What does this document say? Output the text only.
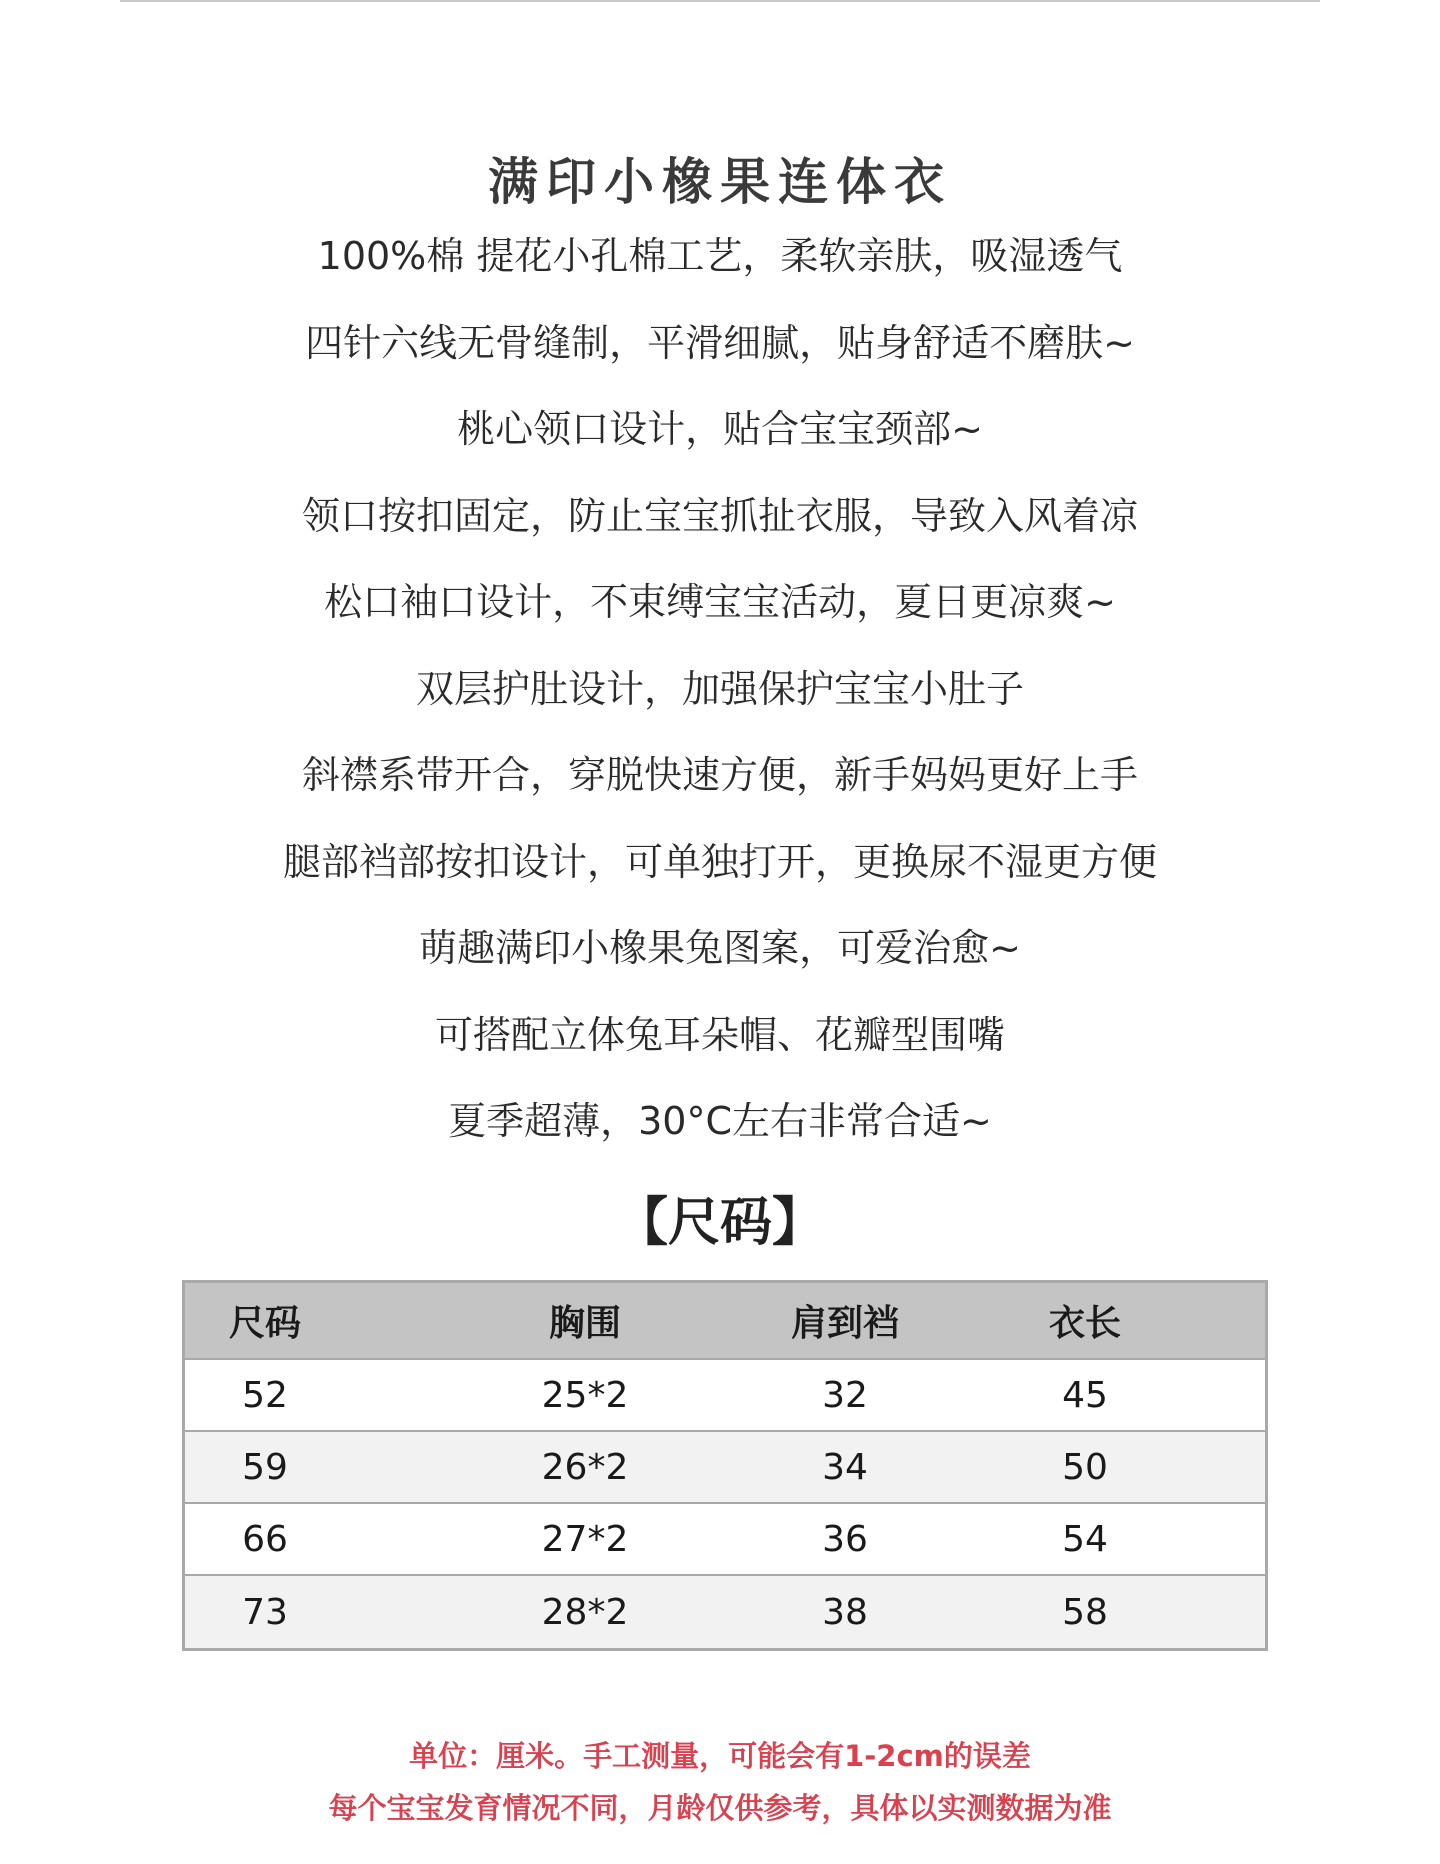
满印小橡果连体衣
100%棉 提花小孔棉工艺，柔软亲肤，吸湿透气
四针六线无骨缝制，平滑细腻，贴身舒适不磨肤~
桃心领口设计，贴合宝宝颈部~
领口按扣固定，防止宝宝抓扯衣服，导致入风着凉
松口袖口设计，不束缚宝宝活动，夏日更凉爽~
双层护肚设计，加强保护宝宝小肚子
斜襟系带开合，穿脱快速方便，新手妈妈更好上手
腿部裆部按扣设计，可单独打开，更换尿不湿更方便
萌趣满印小橡果兔图案，可爱治愈~
可搭配立体兔耳朵帽、花瓣型围嘴
夏季超薄，30°C左右非常合适~
【尺码】
尺码	胸围	肩到裆	衣长
52	25*2	32	45
59	26*2	34	50
66	27*2	36	54
73	28*2	38	58
单位：厘米。手工测量，可能会有1-2cm的误差
每个宝宝发育情况不同，月龄仅供参考，具体以实测数据为准
